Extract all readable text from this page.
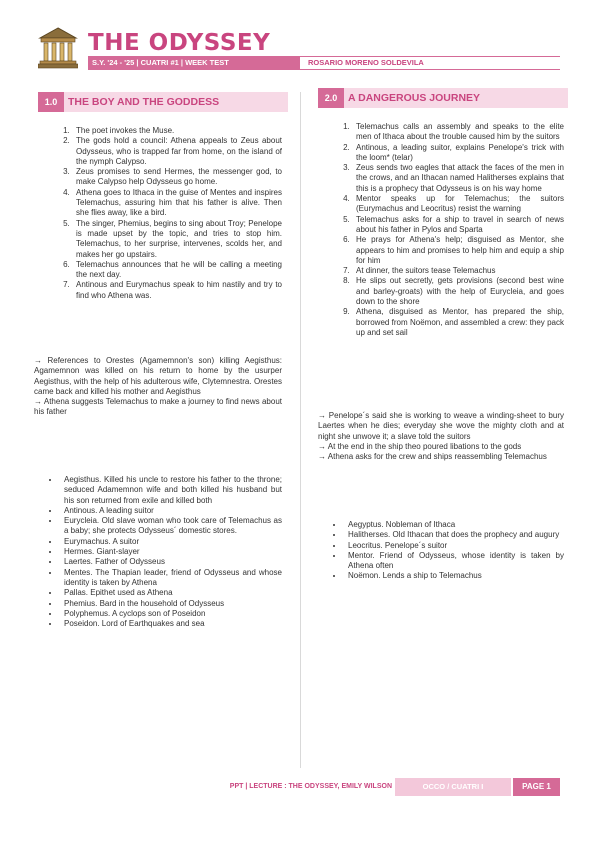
THE ODYSSEY
S.Y. '24 - '25 | CUATRI #1 | WEEK TEST	ROSARIO MORENO SOLDEVILA
1.0	THE BOY AND THE GODDESS	2.0	A DANGEROUS JOURNEY
1. The poet invokes the Muse.
2. The gods hold a council: Athena appeals to Zeus about Odysseus, who is trapped far from home, on the island of the nymph Calypso.
3. Zeus promises to send Hermes, the messenger god, to make Calypso help Odysseus go home.
4. Athena goes to Ithaca in the guise of Mentes and inspires Telemachus, assuring him that his father is alive. Then she flies away, like a bird.
5. The singer, Phemius, begins to sing about Troy; Penelope is made upset by the topic, and tries to stop him. Telemachus, to her surprise, intervenes, scolds her, and makes her go upstairs.
6. Telemachus announces that he will be calling a meeting the next day.
7. Antinous and Eurymachus speak to him nastily and try to find who Athena was.

→ References to Orestes (Agamemnon's son) killing Aegisthus: Agamemnon was killed on his return to home by the usurper Aegisthus, with the help of his adulterous wife, Clytemnestra. Orestes came back and killed his mother and Aegisthus

→ Athena suggests Telemachus to make a journey to find news about his father

• Aegisthus. Killed his uncle to restore his father to the throne; seduced Adamemnon wife and both killed his husband but his son returned from exile and killed both
• Antinous. A leading suitor
• Eurycleia. Old slave woman who took care of Telemachus as a baby; she protects Odysseus´ domestic stores.
• Eurymachus. A suitor
• Hermes. Giant-slayer
• Laertes. Father of Odysseus
• Mentes. The Thapian leader, friend of Odysseus and whose identity is taken by Athena
• Pallas. Epithet used as Athena
• Phemius. Bard in the household of Odysseus
• Polyphemus. A cyclops son of Poseidon
• Poseidon. Lord of Earthquakes and sea
1. Telemachus calls an assembly and speaks to the elite men of Ithaca about the trouble caused him by the suitors
2. Antinous, a leading suitor, explains Penelope's trick with the loom* (telar)
3. Zeus sends two eagles that attack the faces of the men in the crows, and an Ithacan named Halitherses explains that this is a prophecy that Odysseus is on his way home
4. Mentor speaks up for Telemachus; the suitors (Eurymachus and Leocritus) resist the warning
5. Telemachus asks for a ship to travel in search of news about his father in Pylos and Sparta
6. He prays for Athena's help; disguised as Mentor, she appears to him and promises to help him and equip a ship for him
7. At dinner, the suitors tease Telemachus
8. He slips out secretly, gets provisions (second best wine and barley-groats) with the help of Eurycleia, and goes down to the shore
9. Athena, disguised as Mentor, has prepared the ship, borrowed from Noëmon, and assembled a crew: they pack up and set sail

→ Penelope´s said she is working to weave a winding-sheet to bury Laertes when he dies; everyday she wove the mighty cloth and at night she unwove it; a slave told the suitors

→ At the end in the ship theo poured libations to the gods

→ Athena asks for the crew and ships reassembling Telemachus

• Aegyptus. Nobleman of Ithaca
• Halitherses. Old Ithacan that does the prophecy and augury
• Leocritus. Penelope´s suitor
• Mentor. Friend of Odysseus, whose identity is taken by Athena often
• Noëmon. Lends a ship to Telemachus
PPT | LECTURE : THE ODYSSEY, EMILY WILSON	OCCO / CUATRI I	PAGE 1
